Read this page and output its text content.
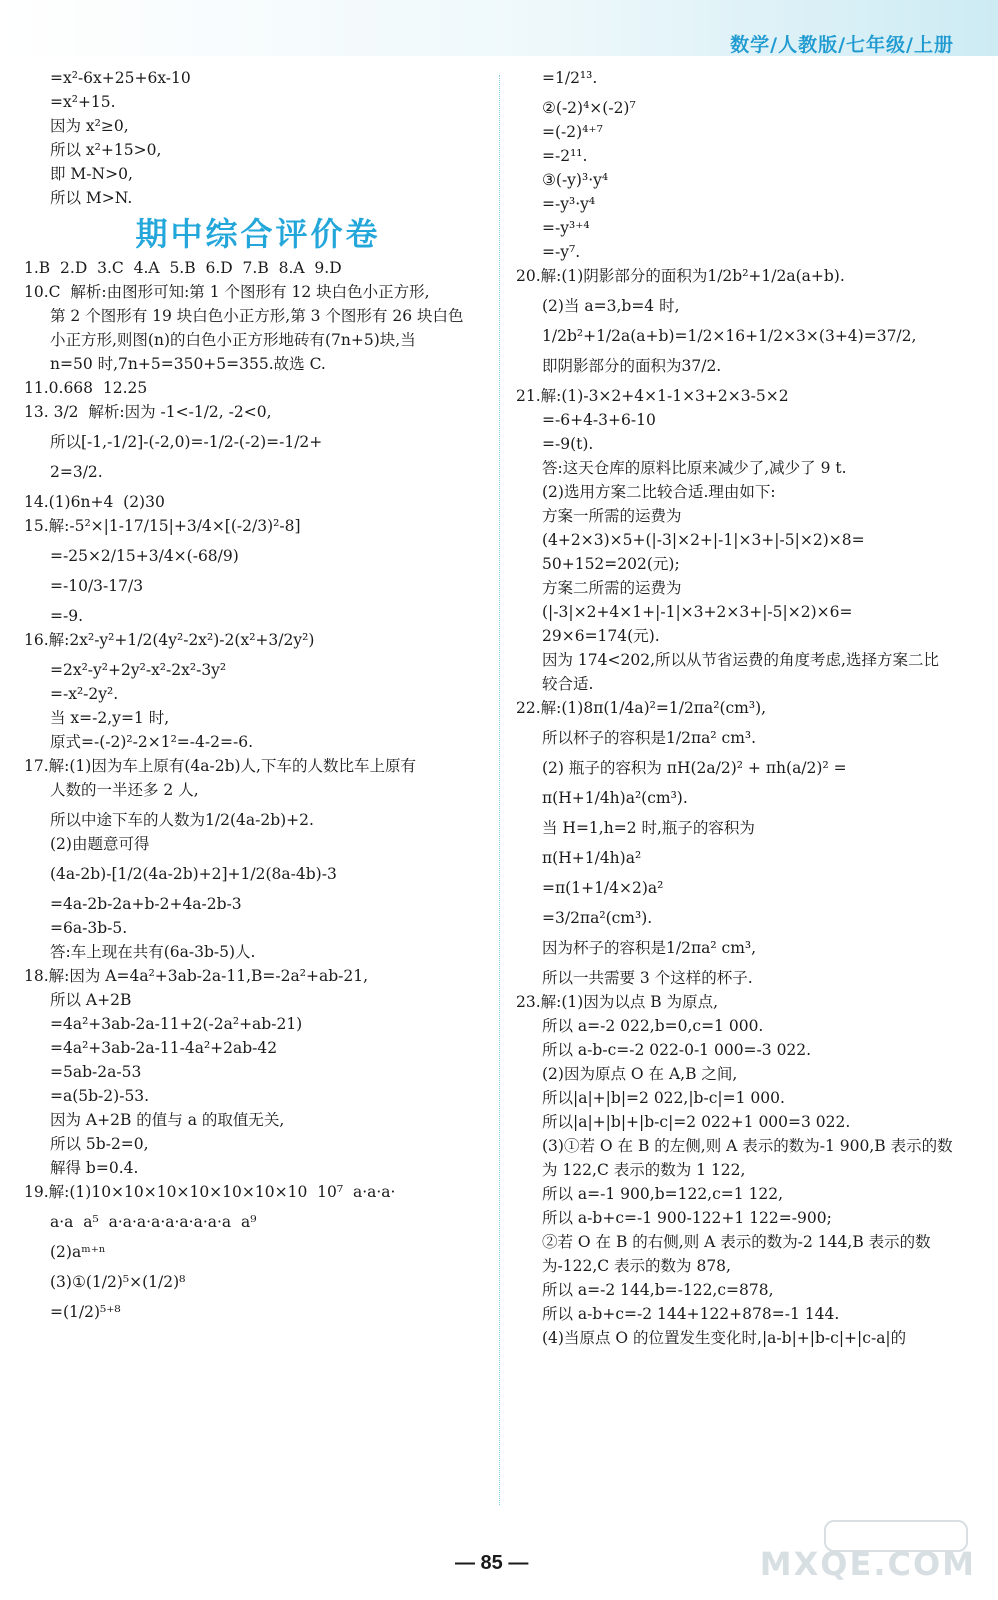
数学/人教版/七年级/上册
=x²-6x+25+6x-10
=x²+15.
因为 x²≥0,
所以 x²+15>0,
即 M-N>0,
所以 M>N.
期中综合评价卷
1.B  2.D  3.C  4.A  5.B  6.D  7.B  8.A  9.D
10.C  解析:由图形可知:第 1 个图形有 12 块白色小正方形,
第 2 个图形有 19 块白色小正方形,第 3 个图形有 26 块白色
小正方形,则图(n)的白色小正方形地砖有(7n+5)块,当
n=50 时,7n+5=350+5=355.故选 C.
11.0.668  12.25
13. 3/2  解析:因为 -1<-1/2, -2<0,
所以[-1,-1/2]-(-2,0)=-1/2-(-2)=-1/2+
2=3/2.
14.(1)6n+4  (2)30
15.解:-5²×|1-17/15|+3/4×[(-2/3)²-8]
=-25×2/15+3/4×(-68/9)
=-10/3-17/3
=-9.
16.解:2x²-y²+1/2(4y²-2x²)-2(x²+3/2y²)
=2x²-y²+2y²-x²-2x²-3y²
=-x²-2y².
当 x=-2,y=1 时,
原式=-(-2)²-2×1²=-4-2=-6.
17.解:(1)因为车上原有(4a-2b)人,下车的人数比车上原有
人数的一半还多 2 人,
所以中途下车的人数为1/2(4a-2b)+2.
(2)由题意可得
(4a-2b)-[1/2(4a-2b)+2]+1/2(8a-4b)-3
=4a-2b-2a+b-2+4a-2b-3
=6a-3b-5.
答:车上现在共有(6a-3b-5)人.
18.解:因为 A=4a²+3ab-2a-11,B=-2a²+ab-21,
所以 A+2B
=4a²+3ab-2a-11+2(-2a²+ab-21)
=4a²+3ab-2a-11-4a²+2ab-42
=5ab-2a-53
=a(5b-2)-53.
因为 A+2B 的值与 a 的取值无关,
所以 5b-2=0,
解得 b=0.4.
19.解:(1)10×10×10×10×10×10×10  10⁷  a·a·a·
a·a  a⁵  a·a·a·a·a·a·a·a·a  a⁹
(2)aᵐ⁺ⁿ
(3)①(1/2)⁵×(1/2)⁸
=(1/2)⁵⁺⁸
=1/2¹³.
②(-2)⁴×(-2)⁷
=(-2)⁴⁺⁷
=-2¹¹.
③(-y)³·y⁴
=-y³·y⁴
=-y³⁺⁴
=-y⁷.
20.解:(1)阴影部分的面积为1/2b²+1/2a(a+b).
(2)当 a=3,b=4 时,
1/2b²+1/2a(a+b)=1/2×16+1/2×3×(3+4)=37/2,
即阴影部分的面积为37/2.
21.解:(1)-3×2+4×1-1×3+2×3-5×2
=-6+4-3+6-10
=-9(t).
答:这天仓库的原料比原来减少了,减少了 9 t.
(2)选用方案二比较合适.理由如下:
方案一所需的运费为
(4+2×3)×5+(|-3|×2+|-1|×3+|-5|×2)×8=
50+152=202(元);
方案二所需的运费为
(|-3|×2+4×1+|-1|×3+2×3+|-5|×2)×6=
29×6=174(元).
因为 174<202,所以从节省运费的角度考虑,选择方案二比
较合适.
22.解:(1)8π(1/4a)²=1/2πa²(cm³),
所以杯子的容积是1/2πa² cm³.
(2) 瓶子的容积为 πH(2a/2)² + πh(a/2)² =
π(H+1/4h)a²(cm³).
当 H=1,h=2 时,瓶子的容积为
π(H+1/4h)a²
=π(1+1/4×2)a²
=3/2πa²(cm³).
因为杯子的容积是1/2πa² cm³,
所以一共需要 3 个这样的杯子.
23.解:(1)因为以点 B 为原点,
所以 a=-2 022,b=0,c=1 000.
所以 a-b-c=-2 022-0-1 000=-3 022.
(2)因为原点 O 在 A,B 之间,
所以|a|+|b|=2 022,|b-c|=1 000.
所以|a|+|b|+|b-c|=2 022+1 000=3 022.
(3)①若 O 在 B 的左侧,则 A 表示的数为-1 900,B 表示的数
为 122,C 表示的数为 1 122,
所以 a=-1 900,b=122,c=1 122,
所以 a-b+c=-1 900-122+1 122=-900;
②若 O 在 B 的右侧,则 A 表示的数为-2 144,B 表示的数
为-122,C 表示的数为 878,
所以 a=-2 144,b=-122,c=878,
所以 a-b+c=-2 144+122+878=-1 144.
(4)当原点 O 的位置发生变化时,|a-b|+|b-c|+|c-a|的
— 85 —	MXQE.COM
